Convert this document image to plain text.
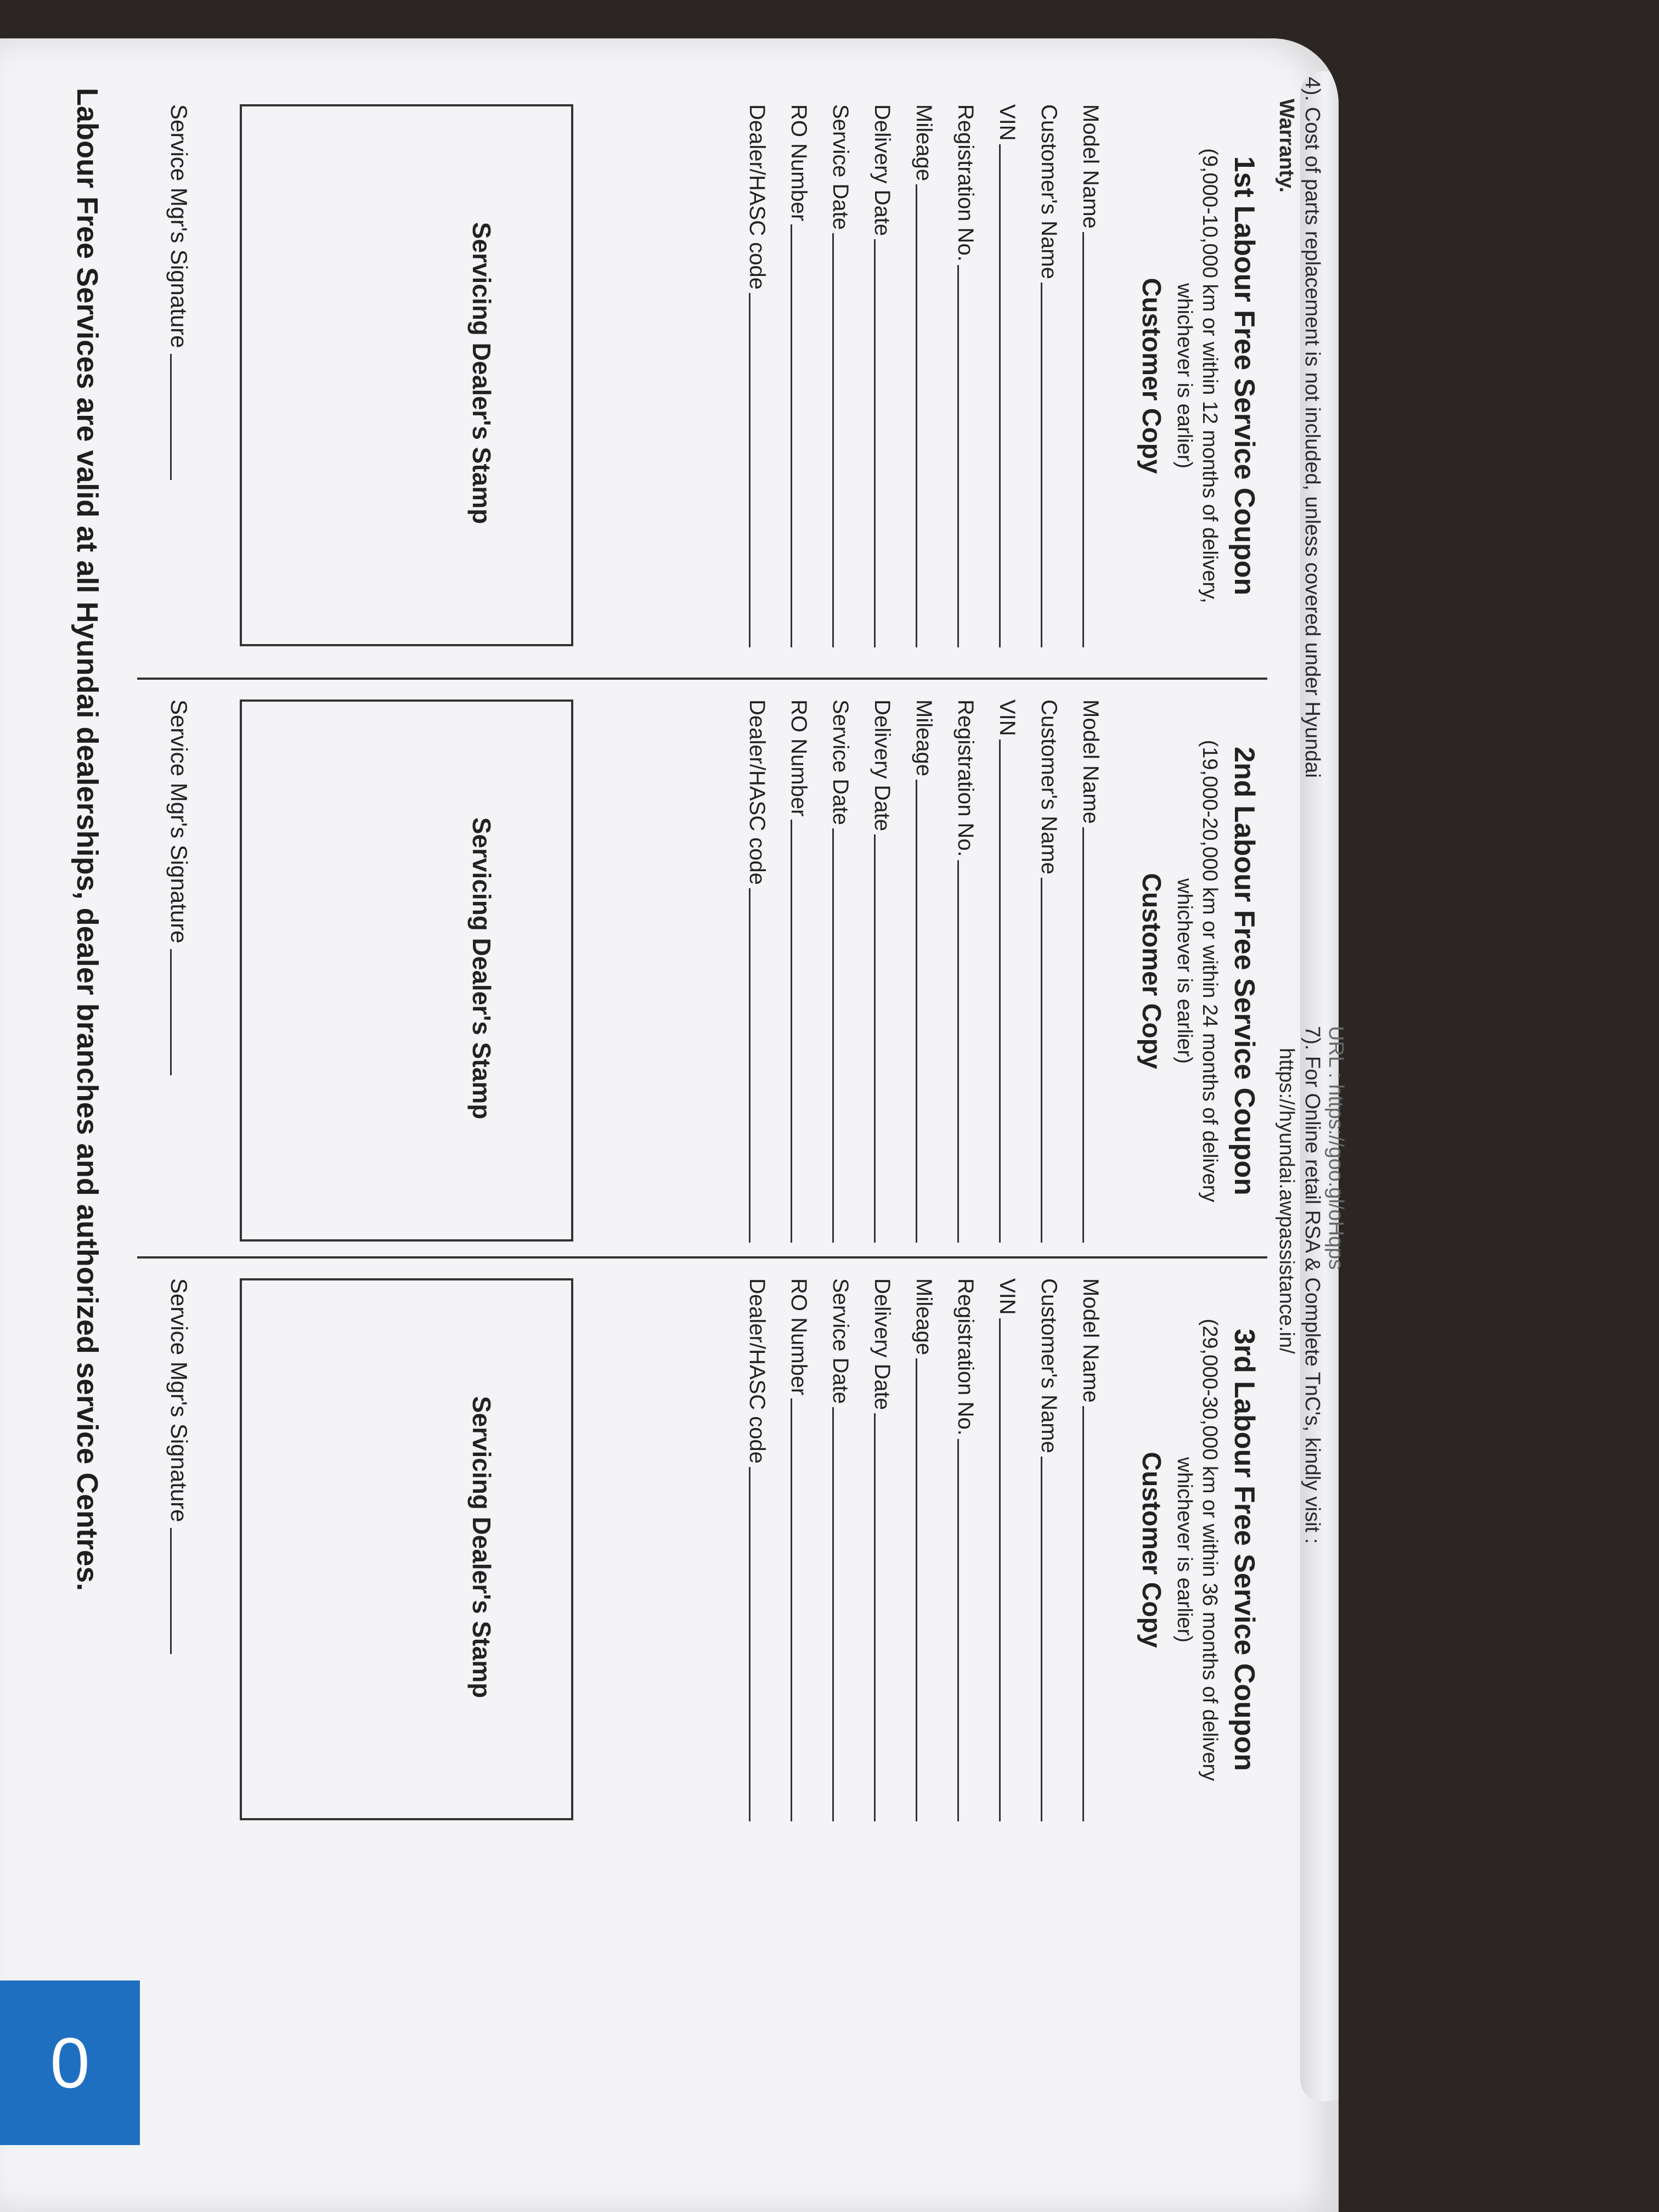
0
4). Cost of parts replacement is not included, unless covered under Hyundai
Warranty.
URL : https://goo.gl/oHqps
7). For Online retail RSA & Complete TnC's, kindly visit :
https://hyundai.awpassistance.in/
1st Labour Free Service Coupon
(9,000-10,000 km or within 12 months of delivery, whichever is earlier)
Customer Copy
Model Name
Customer's Name
VIN
Registration No.
Mileage
Delivery Date
Service Date
RO Number
Dealer/HASC code
Servicing Dealer's Stamp
Service Mgr's Signature
2nd Labour Free Service Coupon
(19,000-20,000 km or within 24 months of delivery whichever is earlier)
Customer Copy
Model Name
Customer's Name
VIN
Registration No.
Mileage
Delivery Date
Service Date
RO Number
Dealer/HASC code
Servicing Dealer's Stamp
Service Mgr's Signature
3rd Labour Free Service Coupon
(29,000-30,000 km or within 36 months of delivery whichever is earlier)
Customer Copy
Model Name
Customer's Name
VIN
Registration No.
Mileage
Delivery Date
Service Date
RO Number
Dealer/HASC code
Servicing Dealer's Stamp
Service Mgr's Signature
Labour Free Services are valid at all Hyundai dealerships, dealer branches and authorized service Centres.
